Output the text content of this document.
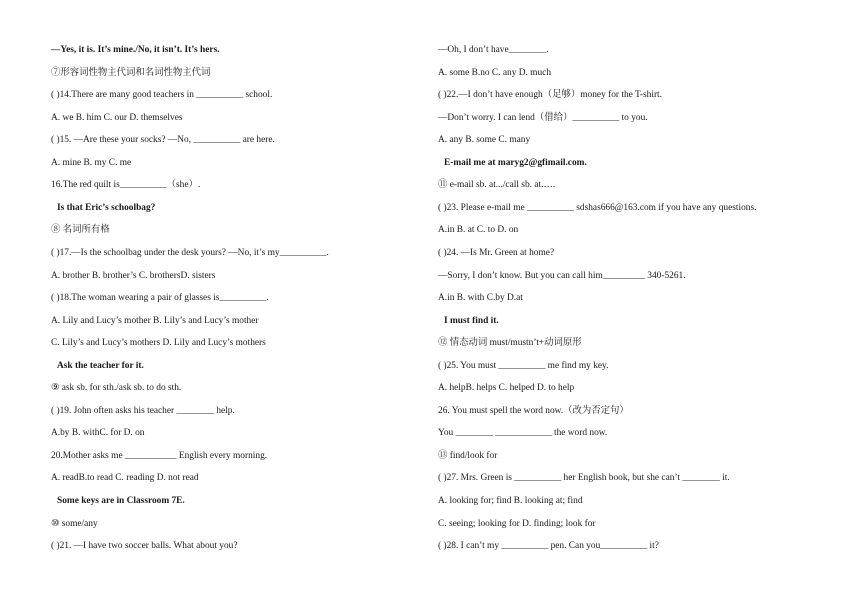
—Yes, it is. It’s mine./No, it isn’t. It’s hers.
⑦形容词性物主代词和名词性物主代词
( )14.There are many good teachers in __________ school.
A. we B. him C. our D. themselves
( )15. —Are these your socks? —No, __________ are here.
A. mine B. my C. me
16.The red quilt is__________（she）.
Is that Eric’s schoolbag?
⑧ 名词所有格
( )17.—Is the schoolbag under the desk yours? —No, it’s my__________.
A. brother B. brother’s C. brothersD. sisters
( )18.The woman wearing a pair of glasses is__________.
A. Lily and Lucy’s mother B. Lily’s and Lucy’s mother
C. Lily’s and Lucy’s mothers D. Lily and Lucy’s mothers
Ask the teacher for it.
⑨ ask sb. for sth./ask sb. to do sth.
( )19. John often asks his teacher ________ help.
A.by B. withC. for D. on
20.Mother asks me ___________ English every morning.
A. readB.to read C. reading D. not read
Some keys are in Classroom 7E.
⑩ some/any
( )21. —I have two soccer balls. What about you?
—Oh, I don’t have________.
A. some B.no C. any D. much
( )22.—I don’t have enough（足够）money for the T-shirt.
—Don’t worry. I can lend（借给）__________ to you.
A. any B. some C. many
E-mail me at maryg2@gfimail.com.
⑪ e-mail sb. at.../call sb. at.….
( )23. Please e-mail me __________ sdshas666@163.com if you have any questions.
A.in B. at C. to D. on
( )24. —Is Mr. Green at home?
—Sorry, I don’t know. But you can call him_________ 340-5261.
A.in B. with C.by D.at
I must find it.
⑫ 情态动词 must/mustn’t+动词原形
( )25. You must __________ me find my key.
A. helpB. helps C. helped D. to help
26. You must spell the word now.（改为否定句）
You ________ ____________ the word now.
⑬ find/look for
( )27. Mrs. Green is __________ her English book, but she can’t ________ it.
A. looking for; find B. looking at; find
C. seeing; looking for D. finding; look for
( )28. I can’t my __________ pen. Can you__________ it?
